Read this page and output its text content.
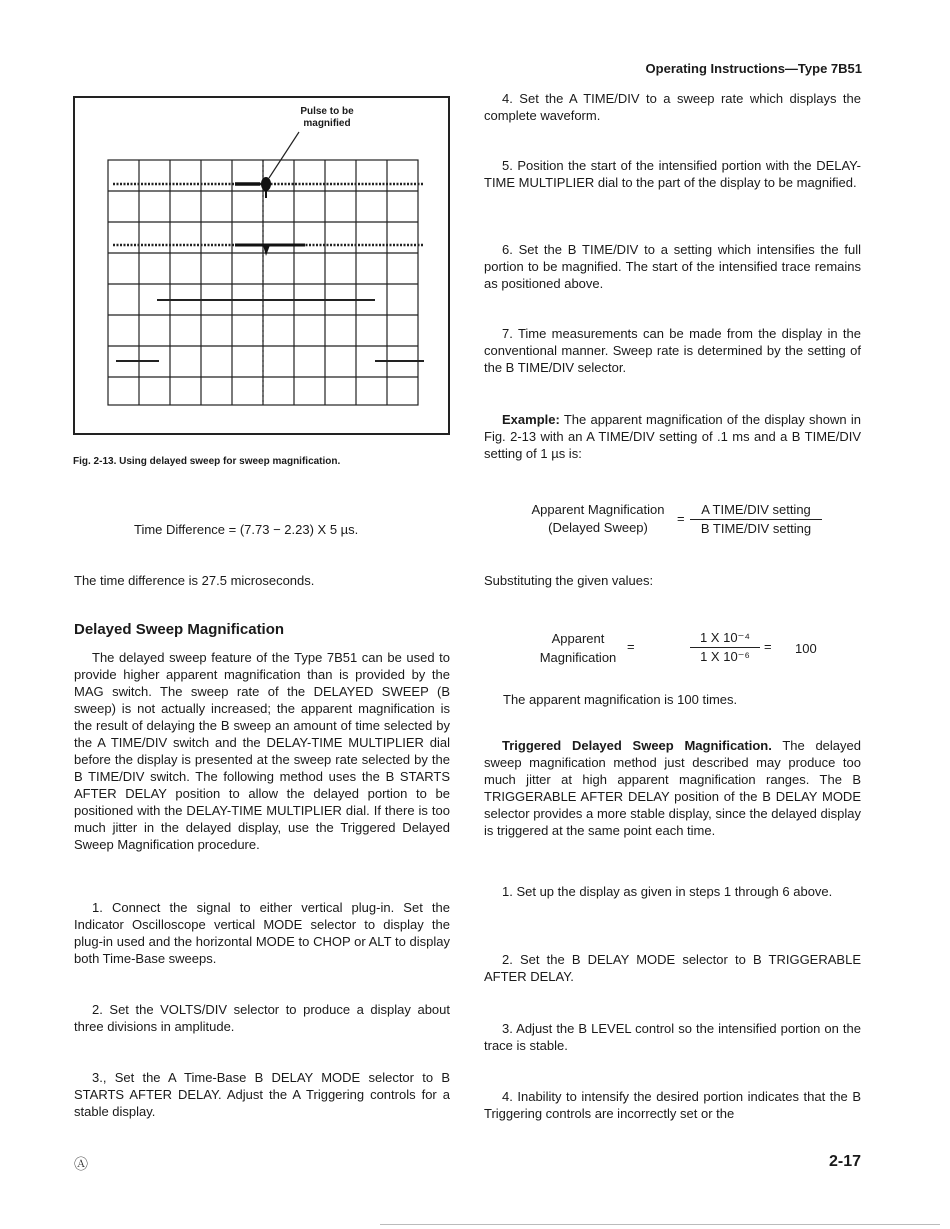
Operating Instructions—Type 7B51
Pulse to be
magnified
Fig. 2-13. Using delayed sweep for sweep magnification.
Time Difference = (7.73 − 2.23) X 5 µs.
The time difference is 27.5 microseconds.
Delayed Sweep Magnification

The delayed sweep feature of the Type 7B51 can be used to provide higher apparent magnification than is provided by the MAG switch. The sweep rate of the DELAYED SWEEP (B sweep) is not actually increased; the apparent magnification is the result of delaying the B sweep an amount of time selected by the A TIME/DIV switch and the DELAY-TIME MULTIPLIER dial before the display is presented at the sweep rate selected by the B TIME/DIV switch. The following method uses the B STARTS AFTER DELAY position to allow the delayed portion to be positioned with the DELAY-TIME MULTIPLIER dial. If there is too much jitter in the delayed display, use the Triggered Delayed Sweep Magnification procedure.

1. Connect the signal to either vertical plug-in. Set the Indicator Oscilloscope vertical MODE selector to display the plug-in used and the horizontal MODE to CHOP or ALT to display both Time-Base sweeps.

2. Set the VOLTS/DIV selector to produce a display about three divisions in amplitude.

3., Set the A Time-Base B DELAY MODE selector to B STARTS AFTER DELAY. Adjust the A Triggering controls for a stable display.

4. Set the A TIME/DIV to a sweep rate which displays the complete waveform.

5. Position the start of the intensified portion with the DELAY-TIME MULTIPLIER dial to the part of the display to be magnified.

6. Set the B TIME/DIV to a setting which intensifies the full portion to be magnified. The start of the intensified trace remains as positioned above.

7. Time measurements can be made from the display in the conventional manner. Sweep rate is determined by the setting of the B TIME/DIV selector.

Example: The apparent magnification of the display shown in Fig. 2-13 with an A TIME/DIV setting of .1 ms and a B TIME/DIV setting of 1 µs is:

Apparent Magnification
(Delayed Sweep)
=
A TIME/DIV setting
B TIME/DIV setting
Substituting the given values:
Apparent
Magnification
=	$\frac{\text{1 X 10⁻⁴}}{\text{1 X 10⁻⁶}} = 100$
The apparent magnification is 100 times.

Triggered Delayed Sweep Magnification. The delayed sweep magnification method just described may produce too much jitter at high apparent magnification ranges. The B TRIGGERABLE AFTER DELAY position of the B DELAY MODE selector provides a more stable display, since the delayed display is triggered at the same point each time.

1. Set up the display as given in steps 1 through 6 above.

2. Set the B DELAY MODE selector to B TRIGGERABLE AFTER DELAY.

3. Adjust the B LEVEL control so the intensified portion on the trace is stable.

4. Inability to intensify the desired portion indicates that the B Triggering controls are incorrectly set or the

Ⓐ	2-17
